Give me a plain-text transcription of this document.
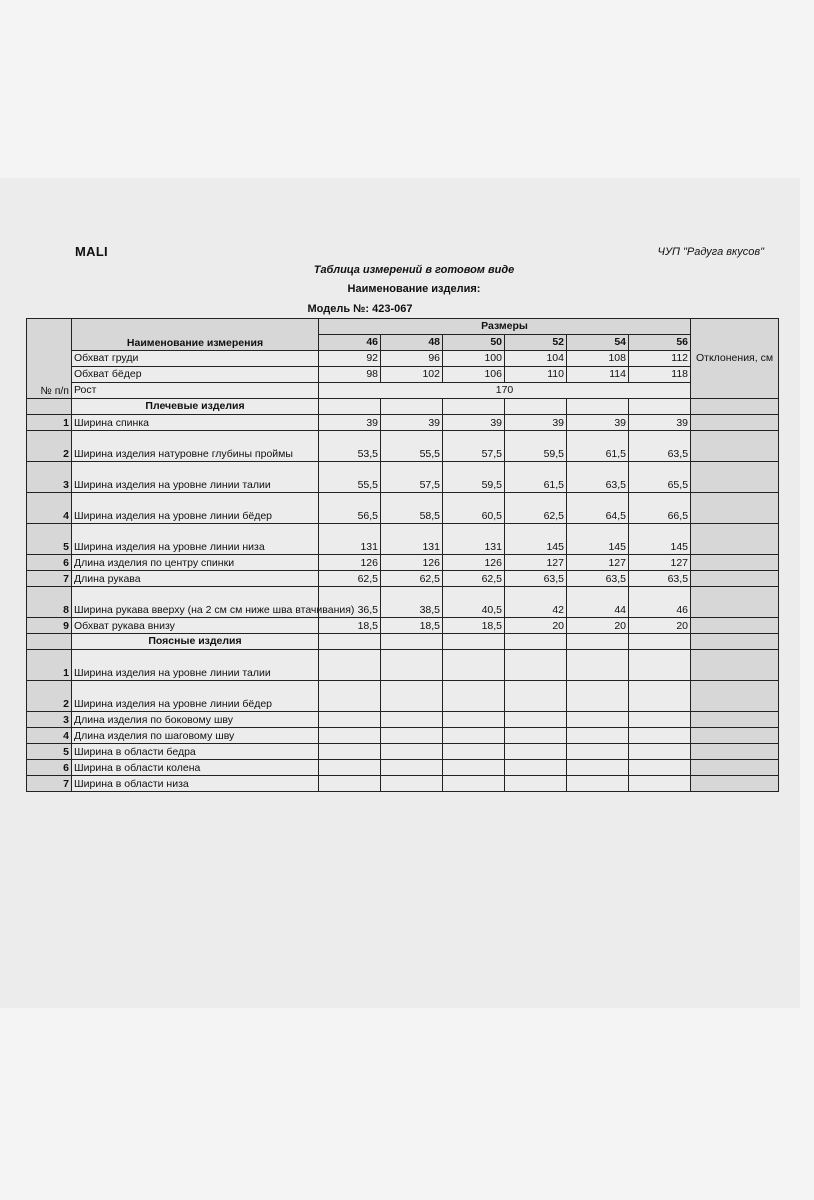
MALI	ЧУП "Радуга вкусов"
Таблица измерений в готовом виде
Наименование изделия:
Модель №: 423-067
№ п/п	Наименование измерения	Размеры						Отклонения, см
		46	48	50	52	54	56	
	Обхват груди	92	96	100	104	108	112	
	Обхват бёдер	98	102	106	110	114	118	
	Рост	170						
	Плечевые изделия							
1	Ширина спинка	39	39	39	39	39	39	
2	Ширина изделия натуровне глубины проймы	53,5	55,5	57,5	59,5	61,5	63,5	
3	Ширина изделия на уровне линии талии	55,5	57,5	59,5	61,5	63,5	65,5	
4	Ширина изделия на уровне линии бёдер	56,5	58,5	60,5	62,5	64,5	66,5	
5	Ширина изделия на уровне линии низа	131	131	131	145	145	145	
6	Длина изделия по центру спинки	126	126	126	127	127	127	
7	Длина рукава	62,5	62,5	62,5	63,5	63,5	63,5	
8	Ширина рукава вверху (на 2 см см ниже шва втачивания)	36,5	38,5	40,5	42	44	46	
9	Обхват рукава внизу	18,5	18,5	18,5	20	20	20	
	Поясные изделия							
1	Ширина изделия на уровне линии талии							
2	Ширина изделия на уровне линии бёдер							
3	Длина изделия по боковому шву							
4	Длина изделия по шаговому шву							
5	Ширина в области бедра							
6	Ширина в области колена							
7	Ширина в области низа							
